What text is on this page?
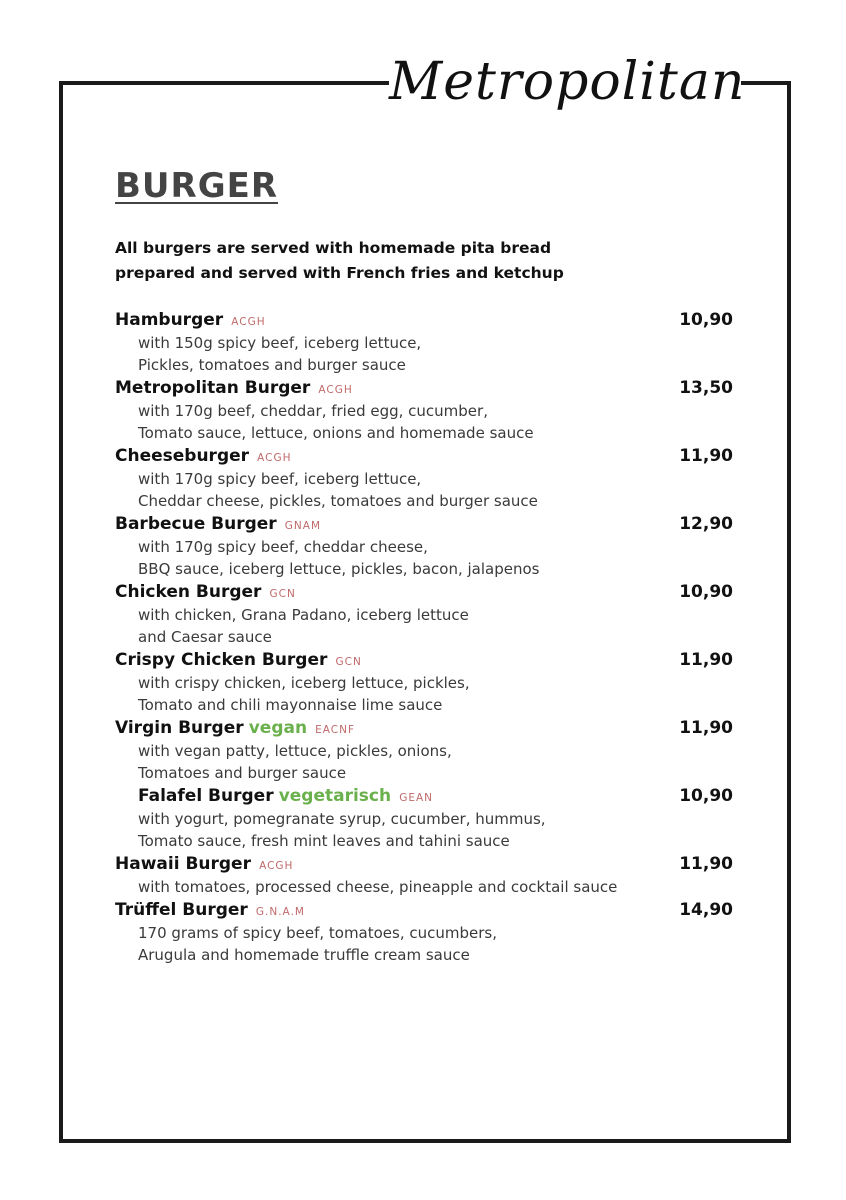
Metropolitan
BURGER
All burgers are served with homemade pita bread
prepared and served with French fries and ketchup
Hamburger ACGH	10,90
with 150g spicy beef, iceberg lettuce,
Pickles, tomatoes and burger sauce
Metropolitan Burger ACGH	13,50
with 170g beef, cheddar, fried egg, cucumber,
Tomato sauce, lettuce, onions and homemade sauce
Cheeseburger ACGH	11,90
with 170g spicy beef, iceberg lettuce,
Cheddar cheese, pickles, tomatoes and burger sauce
Barbecue Burger GNAM	12,90
with 170g spicy beef, cheddar cheese,
BBQ sauce, iceberg lettuce, pickles, bacon, jalapenos
Chicken Burger GCN	10,90
with chicken, Grana Padano, iceberg lettuce
and Caesar sauce
Crispy Chicken Burger GCN	11,90
with crispy chicken, iceberg lettuce, pickles,
Tomato and chili mayonnaise lime sauce
Virgin Burger vegan EACNF	11,90
with vegan patty, lettuce, pickles, onions,
Tomatoes and burger sauce
Falafel Burger vegetarisch GEAN	10,90
with yogurt, pomegranate syrup, cucumber, hummus,
Tomato sauce, fresh mint leaves and tahini sauce
Hawaii Burger ACGH	11,90
with tomatoes, processed cheese, pineapple and cocktail sauce
Trüffel Burger G.N.A.M	14,90
170 grams of spicy beef, tomatoes, cucumbers,
Arugula and homemade truffle cream sauce
